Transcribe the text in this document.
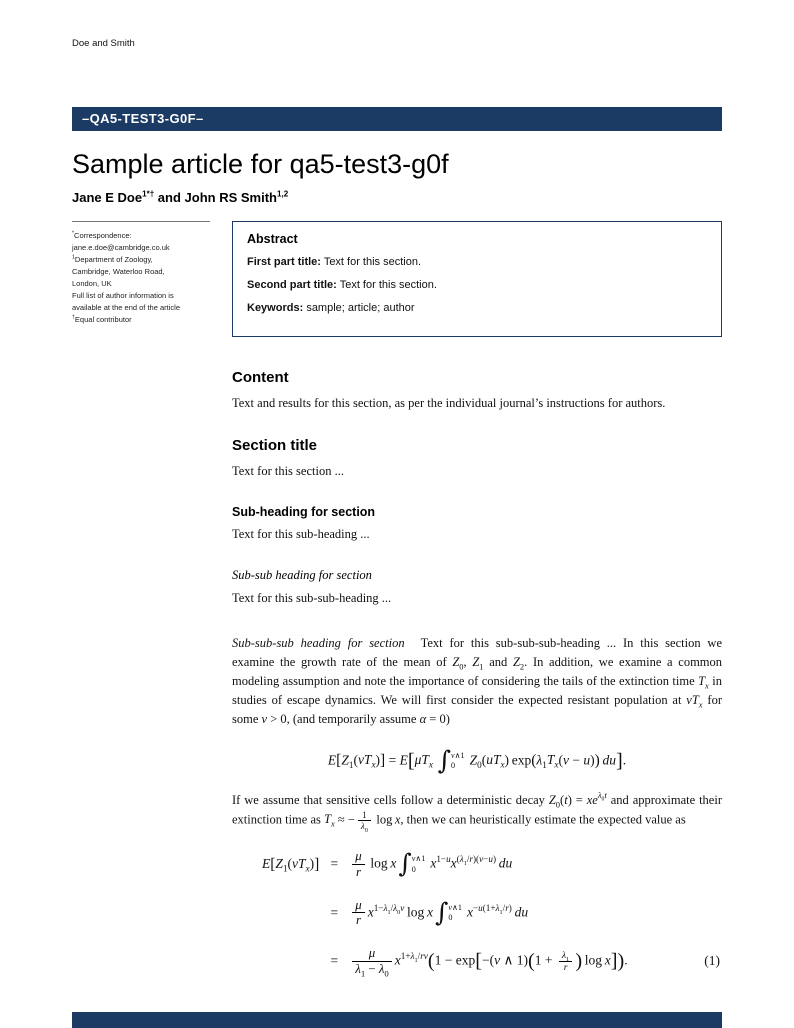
Doe and Smith
–QA5-TEST3-G0F–
Sample article for qa5-test3-g0f
Jane E Doe$^{1*\dagger}$ and John RS Smith$^{1,2}$
*Correspondence:
jane.e.doe@cambridge.co.uk
$^1$Department of Zoology,
Cambridge, Waterloo Road,
London, UK
Full list of author information is
available at the end of the article
†Equal contributor
Abstract
First part title: Text for this section.
Second part title: Text for this section.
Keywords: sample; article; author
Content

Text and results for this section, as per the individual journal’s instructions for authors.

Section title

Text for this section ...

Sub-heading for section

Text for this sub-heading ...

Sub-sub heading for section

Text for this sub-sub-heading ...

Sub-sub-sub heading for section Text for this sub-sub-sub-heading ... In this section we examine the growth rate of the mean of $Z_0$, $Z_1$ and $Z_2$. In addition, we examine a common modeling assumption and note the importance of considering the tails of the extinction time $T_x$ in studies of escape dynamics. We will first consider the expected resistant population at $vT_x$ for some v > 0, (and temporarily assume α = 0)

$E[Z_1(vT_x)] = E[\mu T_x$  ∫ v∧1
0	$Z_0(uT_x) \exp(\lambda_1T_x(v - u))$  du].

If we assume that sensitive cells follow a deterministic decay $Z_0(t) = xe^{\lambda_0t}$ and approximate their extinction time as $T_x$ ≈ − $\frac{1}{\lambda_0}$  log x, then we can heuristically estimate the expected value as

$E[Z_1(vT_x)]$ =	$\frac{\mu}{r}$  log x∫ v∧1
0	$x^{1-u}x^{(\lambda_1/r)(v-u)}$  du
=	$\frac{\mu}{r} x^{1-\lambda_1/\lambda_0v}$ log x∫ v∧1
0	$x^{-u(1+\lambda_1/r)}$  du
=	$\frac{\mu}{\lambda_1 - \lambda_0} x^{1+\lambda_1/rv}(1 - \exp[-(v$ ∧ $1)(1 + \frac{\lambda_1}{r}$ ) log x]).	(1)
